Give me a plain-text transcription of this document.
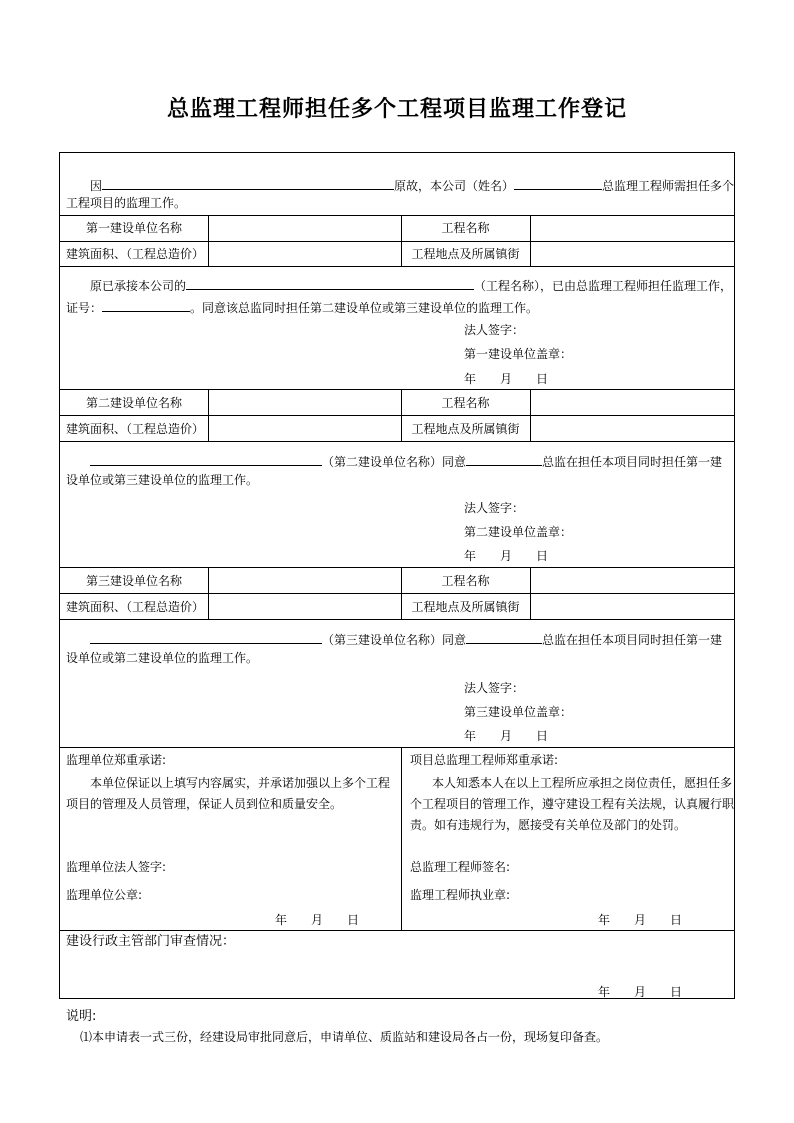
总监理工程师担任多个工程项目监理工作登记
因	原故，本公司（姓名）	总监理工程师需担任多个
工程项目的监理工作。
第一建设单位名称	工程名称
建筑面积、（工程总造价）	工程地点及所属镇街
原已承接本公司的	（工程名称），已由总监理工程师担任监理工作，
证号：	。同意该总监同时担任第二建设单位或第三建设单位的监理工作。
法人签字：
第一建设单位盖章：
年 月 日
第二建设单位名称	工程名称
建筑面积、（工程总造价）	工程地点及所属镇街
（第二建设单位名称）同意	总监在担任本项目同时担任第一建
设单位或第三建设单位的监理工作。
法人签字：
第二建设单位盖章：
年 月 日
第三建设单位名称	工程名称
建筑面积、（工程总造价）	工程地点及所属镇街
（第三建设单位名称）同意	总监在担任本项目同时担任第一建
设单位或第二建设单位的监理工作。
法人签字：
第三建设单位盖章：
年 月 日
监理单位郑重承诺:
本单位保证以上填写内容属实，并承诺加强以上多个工程
项目的管理及人员管理，保证人员到位和质量安全。
监理单位法人签字:
监理单位公章:
年 月 日
项目总监理工程师郑重承诺:
本人知悉本人在以上工程所应承担之岗位责任，愿担任多
个工程项目的管理工作，遵守建设工程有关法规，认真履行职
责。如有违规行为，愿接受有关单位及部门的处罚。
总监理工程师签名:
监理工程师执业章:
年 月 日
建设行政主管部门审查情况：
年 月 日
说明:
⑴本申请表一式三份，经建设局审批同意后，申请单位、质监站和建设局各占一份，现场复印备查。
